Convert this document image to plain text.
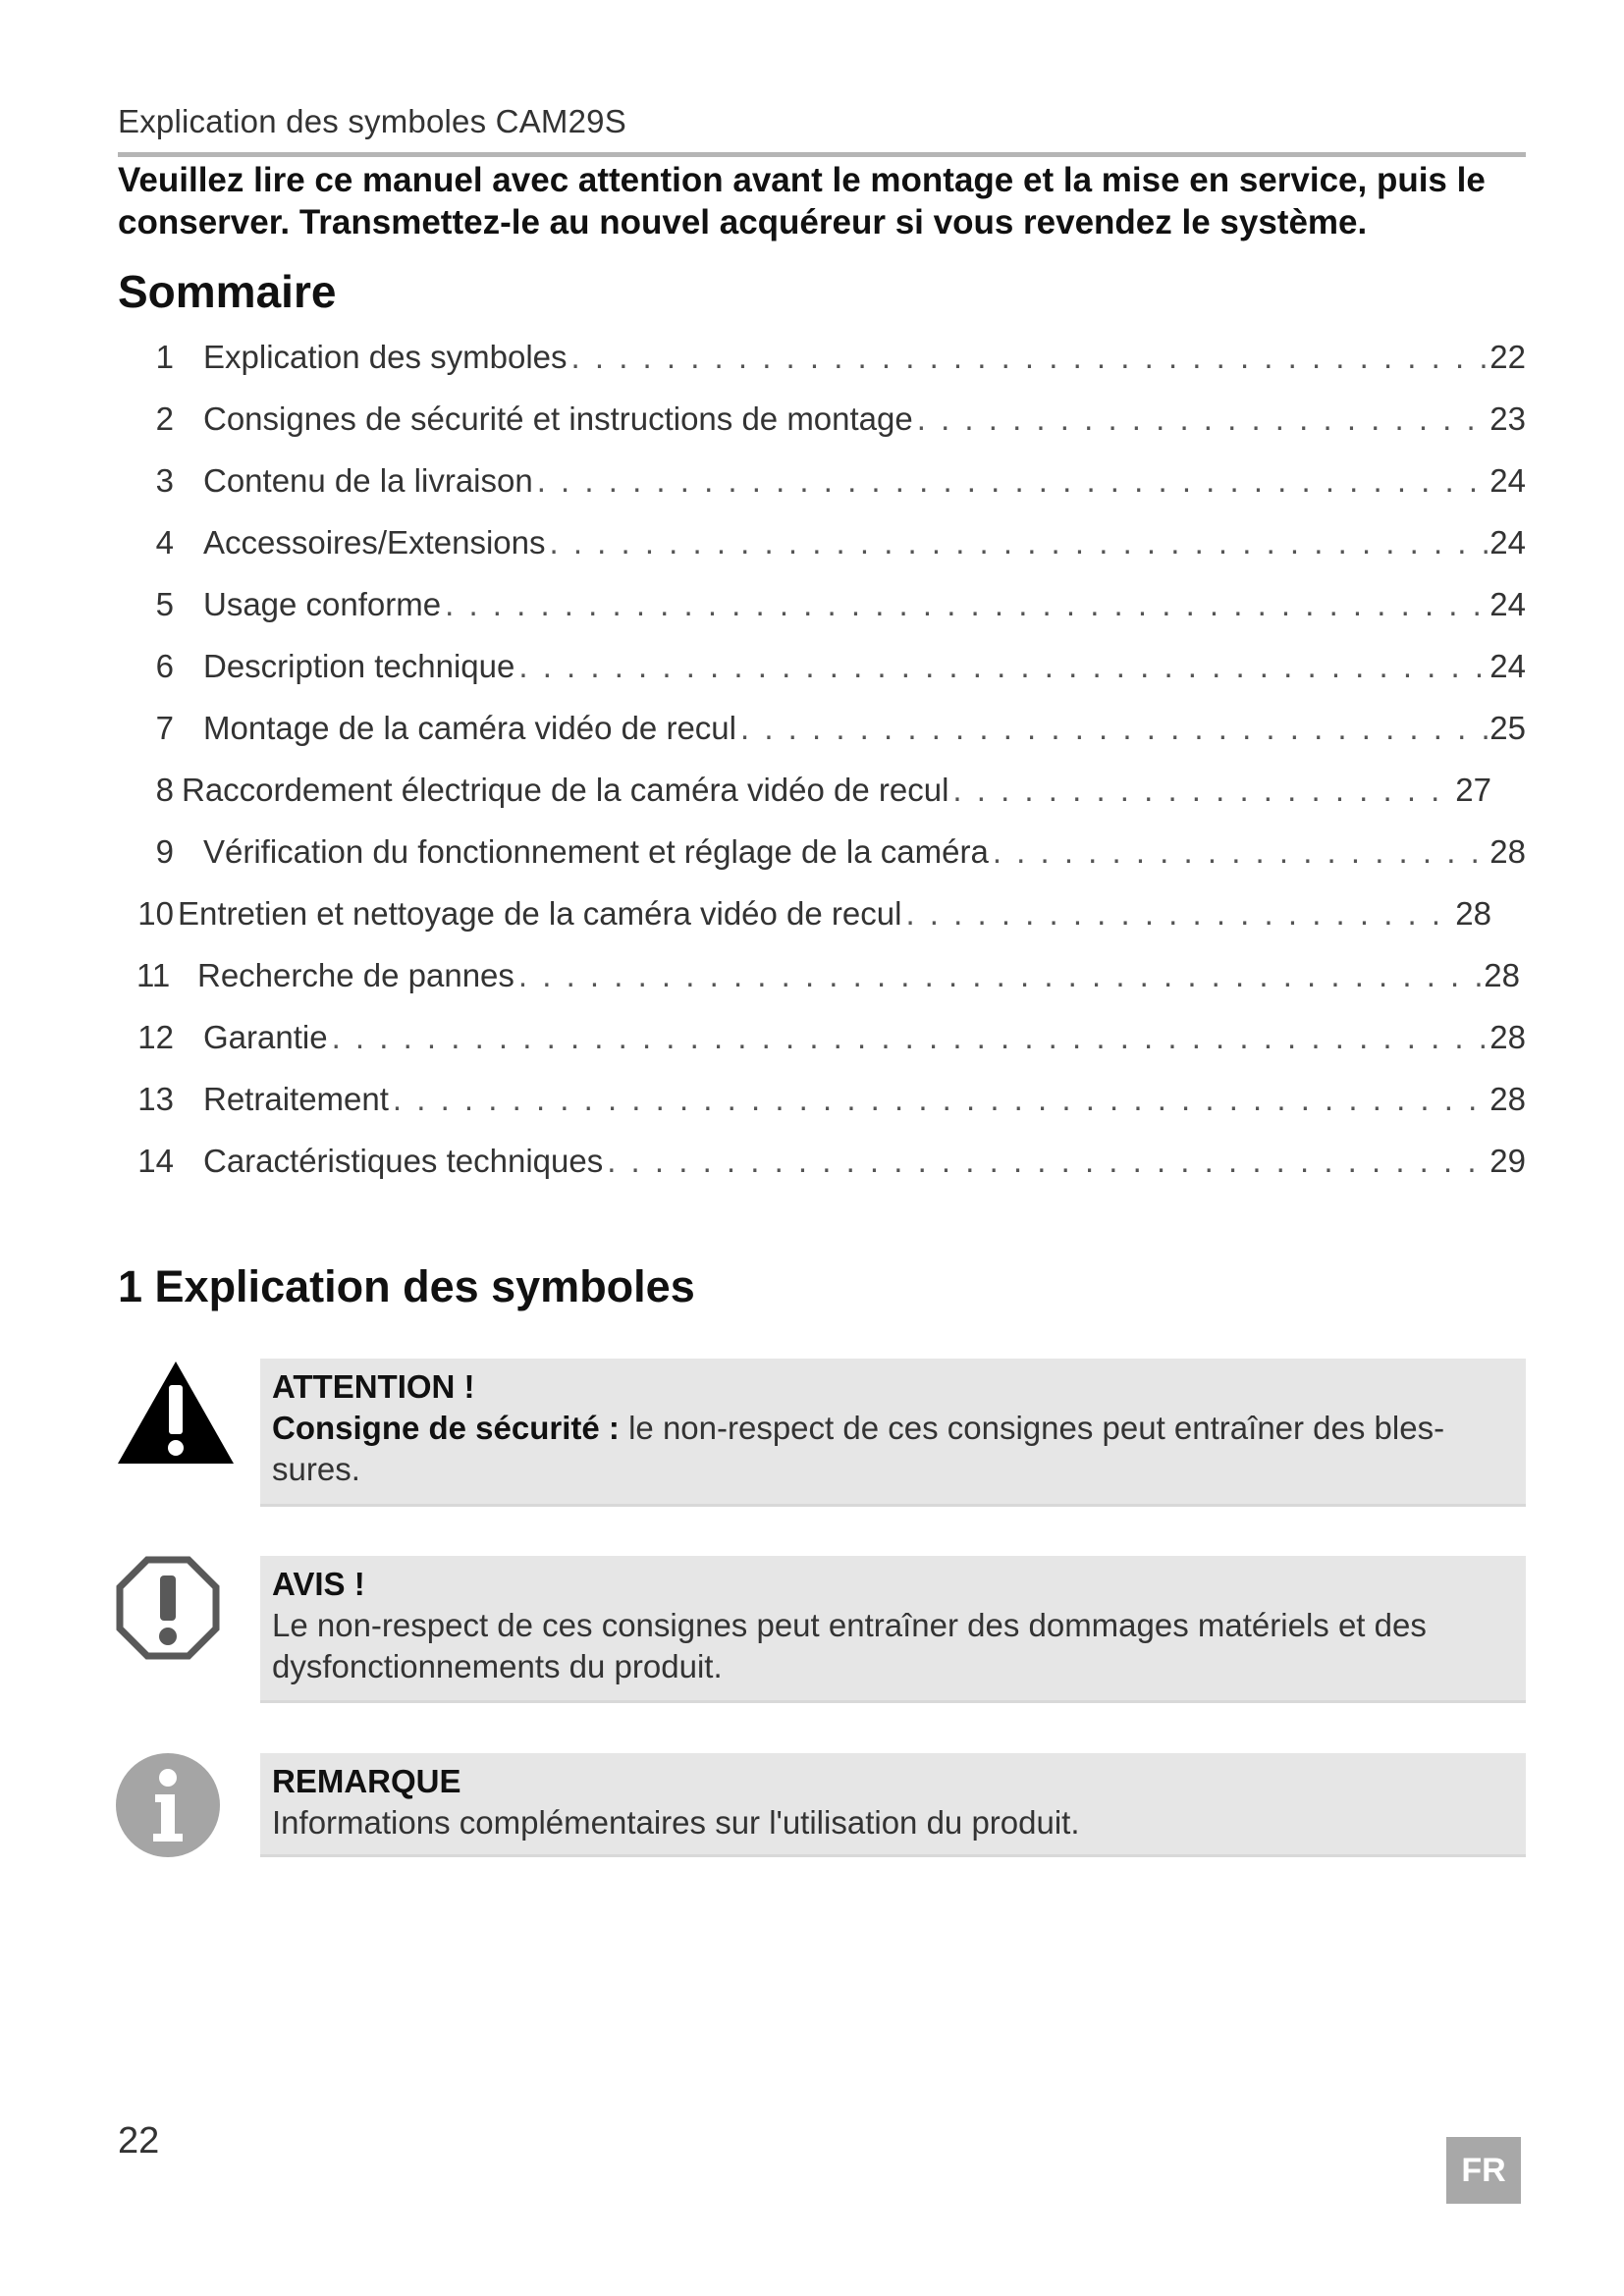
Explication des symboles CAM29S
Veuillez lire ce manuel avec attention avant le montage et la mise en service, puis le conserver. Transmettez-le au nouvel acquéreur si vous revendez le système.
Sommaire
1 Explication des symboles . . .	22
2 Consignes de sécurité et instructions de montage . . .	23
3 Contenu de la livraison . . .	24
4 Accessoires/Extensions . . .	24
5 Usage conforme . . .	24
6 Description technique . . .	24
7 Montage de la caméra vidéo de recul . . .	25
8 Raccordement électrique de la caméra vidéo de recul . . .	27
9 Vérification du fonctionnement et réglage de la caméra . . .	28
10 Entretien et nettoyage de la caméra vidéo de recul . . .	28
11 Recherche de pannes . . .	28
12 Garantie . . .	28
13 Retraitement . . .	28
14 Caractéristiques techniques . . .	29
1 Explication des symboles
ATTENTION !
Consigne de sécurité : le non-respect de ces consignes peut entraîner des bles-sures.
AVIS !
Le non-respect de ces consignes peut entraîner des dommages matériels et des dysfonctionnements du produit.
REMARQUE
Informations complémentaires sur l'utilisation du produit.
22
FR
